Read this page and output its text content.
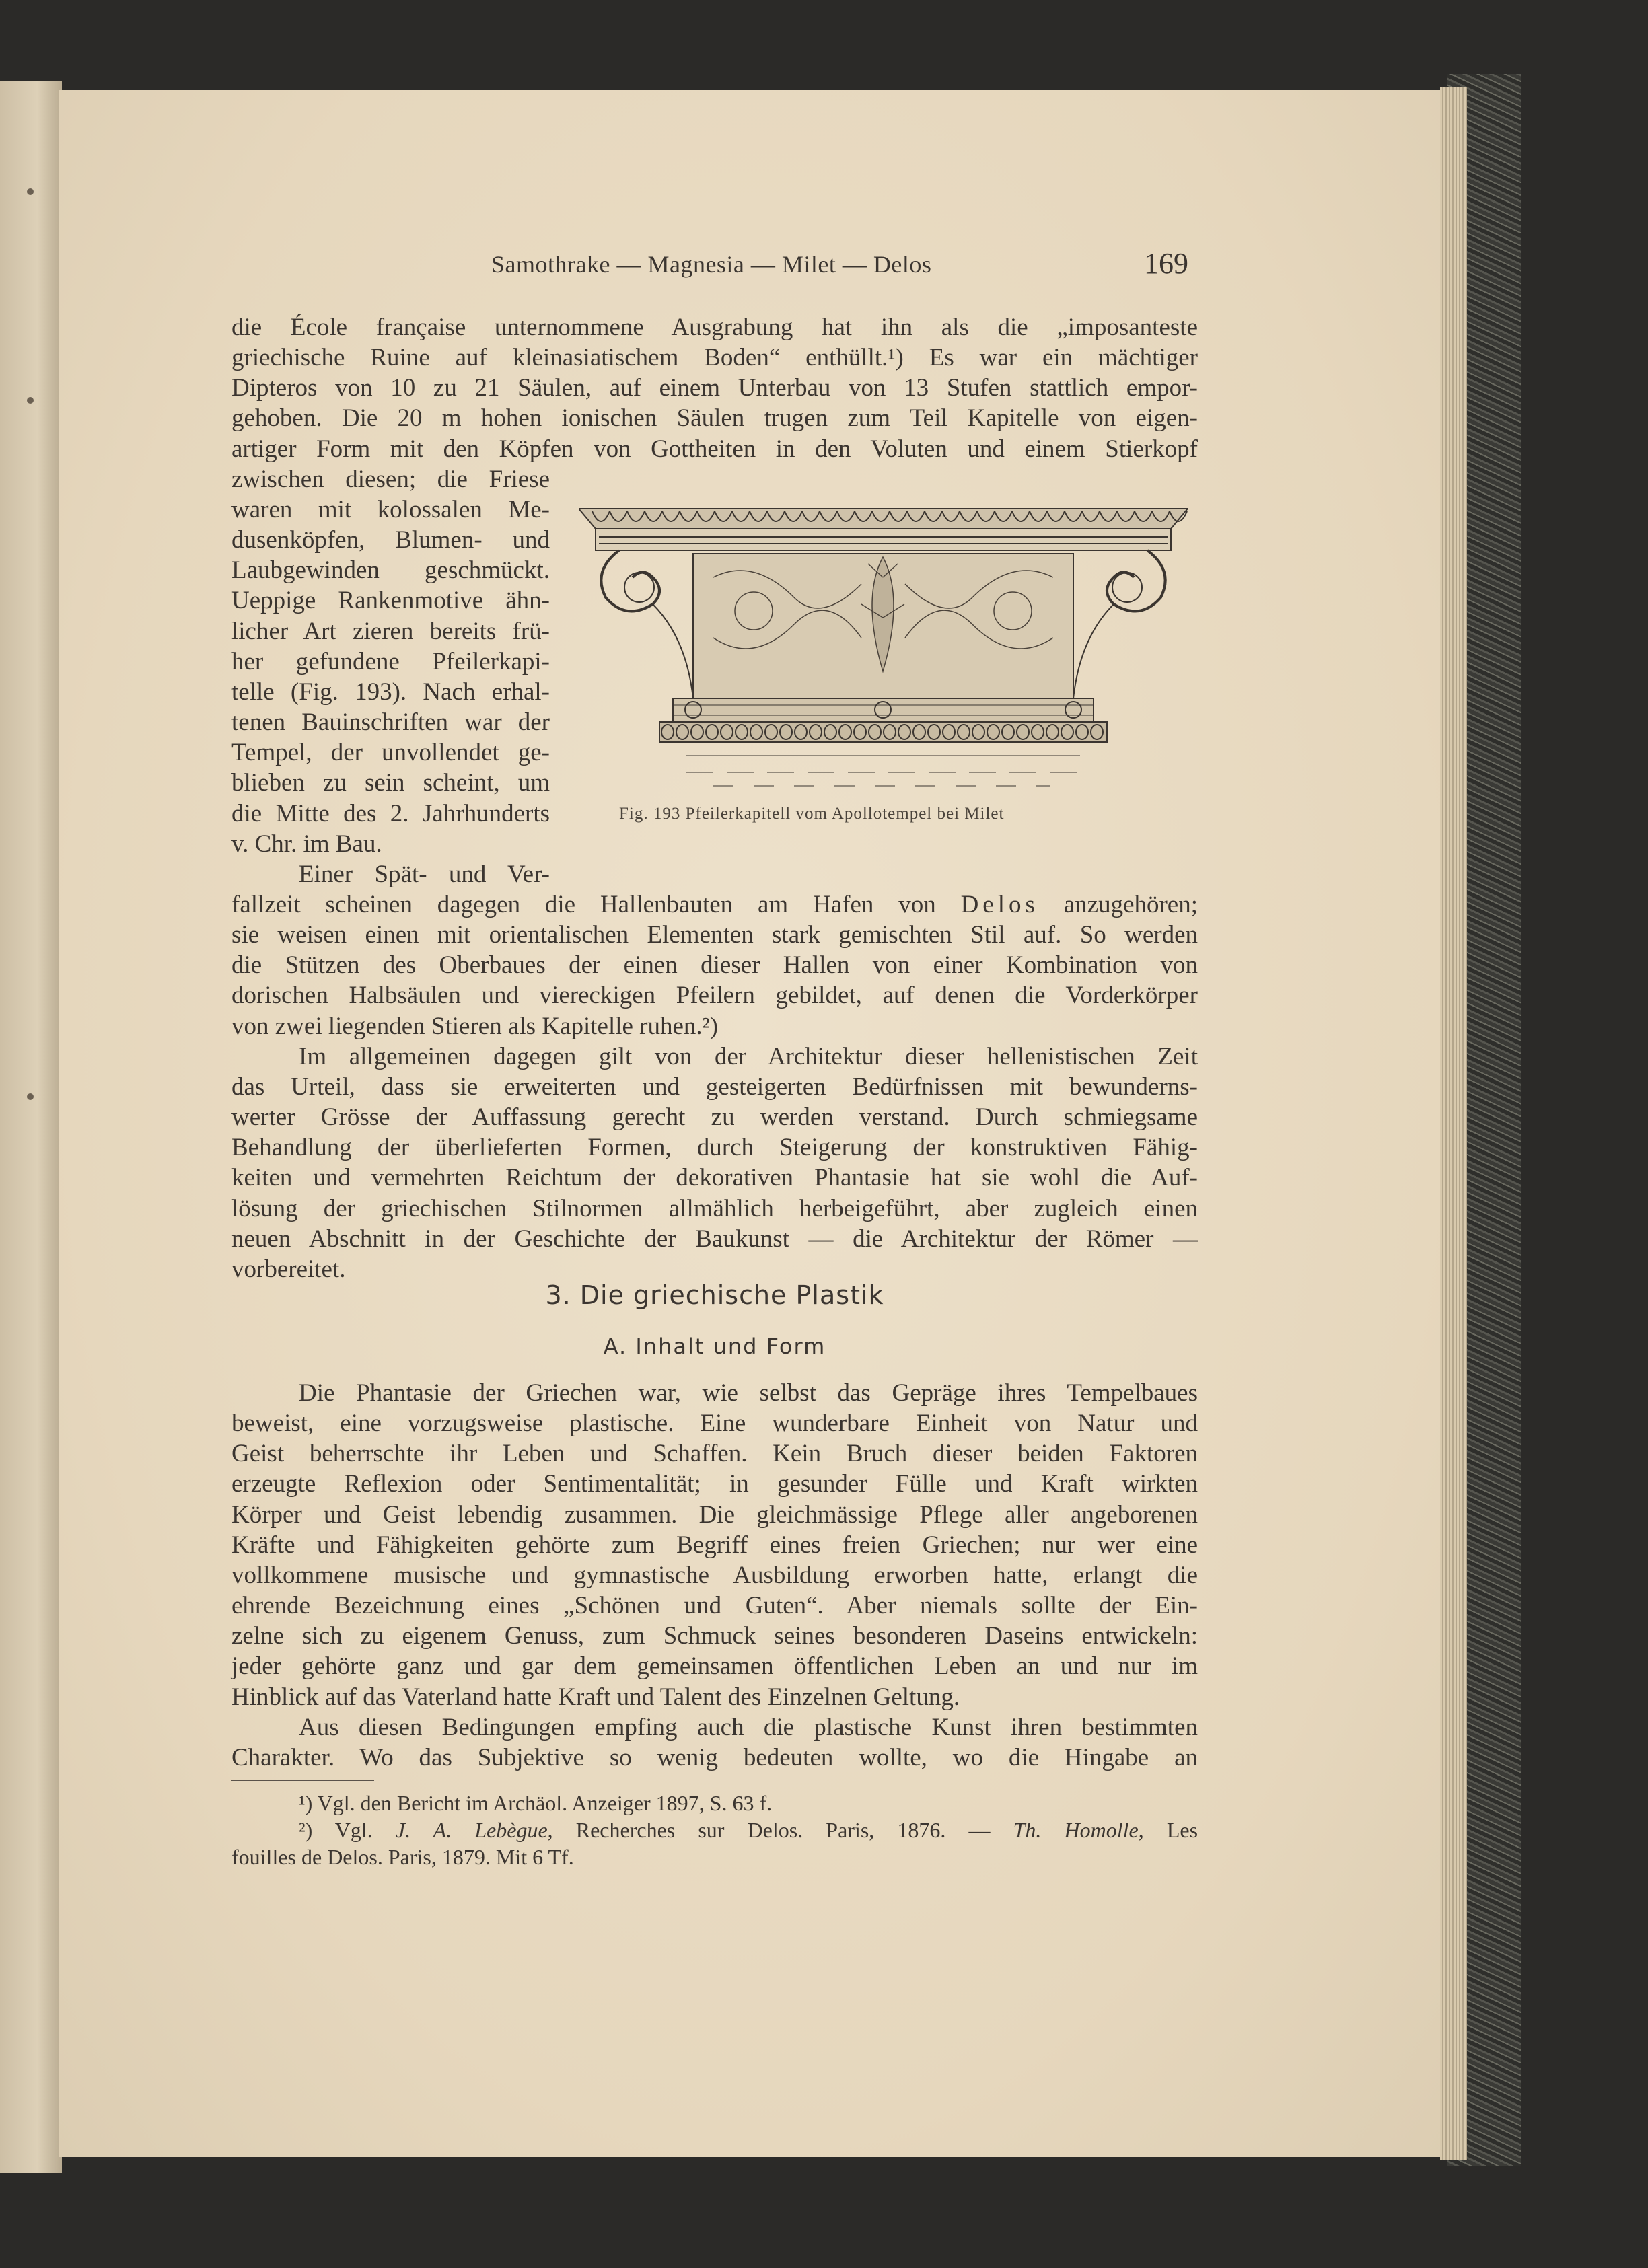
Samothrake — Magnesia — Milet — Delos	169
die École française unternommene Ausgrabung hat ihn als die „imposanteste
griechische Ruine auf kleinasiatischem Boden“ enthüllt.¹) Es war ein mächtiger
Dipteros von 10 zu 21 Säulen, auf einem Unterbau von 13 Stufen stattlich empor-
gehoben. Die 20 m hohen ionischen Säulen trugen zum Teil Kapitelle von eigen-
artiger Form mit den Köpfen von Gottheiten in den Voluten und einem Stierkopf
zwischen diesen; die Friese
waren mit kolossalen Me-
dusenköpfen, Blumen- und
Laubgewinden geschmückt.
Ueppige Rankenmotive ähn-
licher Art zieren bereits frü-
her gefundene Pfeilerkapi-
telle (Fig. 193). Nach erhal-
tenen Bauinschriften war der
Tempel, der unvollendet ge-
blieben zu sein scheint, um
die Mitte des 2. Jahrhunderts
v. Chr. im Bau.
Einer Spät- und Ver-
fallzeit scheinen dagegen die Hallenbauten am Hafen von Delos anzugehören;
sie weisen einen mit orientalischen Elementen stark gemischten Stil auf. So werden
die Stützen des Oberbaues der einen dieser Hallen von einer Kombination von
dorischen Halbsäulen und viereckigen Pfeilern gebildet, auf denen die Vorderkörper
von zwei liegenden Stieren als Kapitelle ruhen.²)
Im allgemeinen dagegen gilt von der Architektur dieser hellenistischen Zeit
das Urteil, dass sie erweiterten und gesteigerten Bedürfnissen mit bewunderns-
werter Grösse der Auffassung gerecht zu werden verstand. Durch schmiegsame
Behandlung der überlieferten Formen, durch Steigerung der konstruktiven Fähig-
keiten und vermehrten Reichtum der dekorativen Phantasie hat sie wohl die Auf-
lösung der griechischen Stilnormen allmählich herbeigeführt, aber zugleich einen
neuen Abschnitt in der Geschichte der Baukunst — die Architektur der Römer —
vorbereitet.
Fig. 193 Pfeilerkapitell vom Apollotempel bei Milet
3. Die griechische Plastik
A. Inhalt und Form
Die Phantasie der Griechen war, wie selbst das Gepräge ihres Tempelbaues
beweist, eine vorzugsweise plastische. Eine wunderbare Einheit von Natur und
Geist beherrschte ihr Leben und Schaffen. Kein Bruch dieser beiden Faktoren
erzeugte Reflexion oder Sentimentalität; in gesunder Fülle und Kraft wirkten
Körper und Geist lebendig zusammen. Die gleichmässige Pflege aller angeborenen
Kräfte und Fähigkeiten gehörte zum Begriff eines freien Griechen; nur wer eine
vollkommene musische und gymnastische Ausbildung erworben hatte, erlangt die
ehrende Bezeichnung eines „Schönen und Guten“. Aber niemals sollte der Ein-
zelne sich zu eigenem Genuss, zum Schmuck seines besonderen Daseins entwickeln:
jeder gehörte ganz und gar dem gemeinsamen öffentlichen Leben an und nur im
Hinblick auf das Vaterland hatte Kraft und Talent des Einzelnen Geltung.
Aus diesen Bedingungen empfing auch die plastische Kunst ihren bestimmten
Charakter. Wo das Subjektive so wenig bedeuten wollte, wo die Hingabe an
¹) Vgl. den Bericht im Archäol. Anzeiger 1897, S. 63 f.
²) Vgl. J. A. Lebègue, Recherches sur Delos. Paris, 1876. — Th. Homolle, Les
fouilles de Delos. Paris, 1879. Mit 6 Tf.
